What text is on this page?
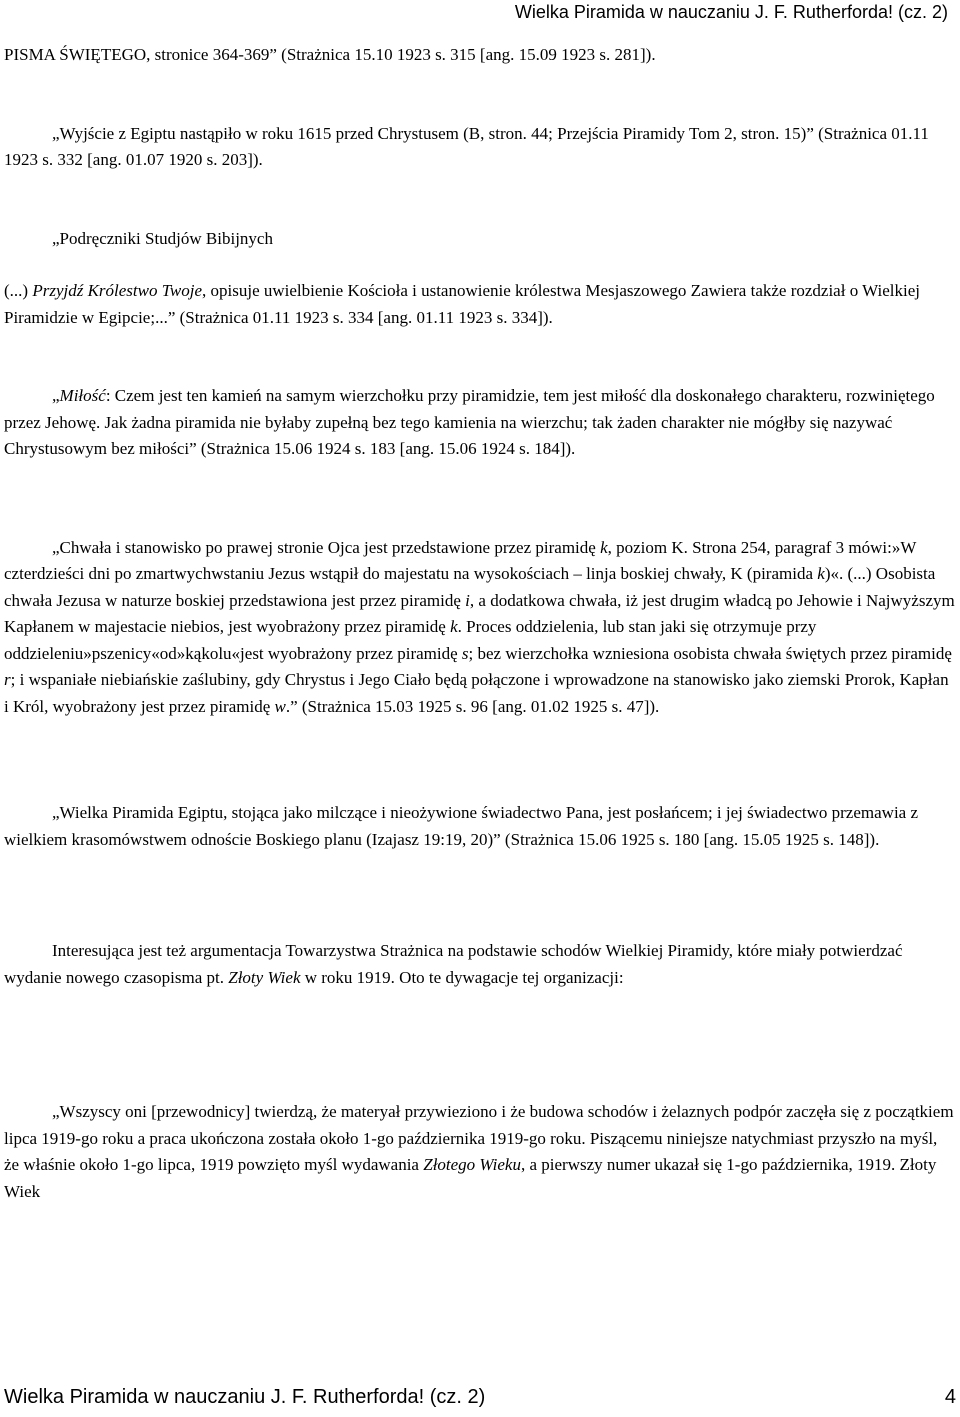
Wielka Piramida w nauczaniu J. F. Rutherforda! (cz. 2)

PISMA ŚWIĘTEGO, stronice 364-369” (Strażnica 15.10 1923 s. 315 [ang. 15.09 1923 s. 281]).

„Wyjście z Egiptu nastąpiło w roku 1615 przed Chrystusem (B, stron. 44; Przejścia Piramidy Tom 2, stron. 15)” (Strażnica 01.11 1923 s. 332 [ang. 01.07 1920 s. 203]).

„Podręczniki Studjów Bibijnych

(...) Przyjdź Królestwo Twoje, opisuje uwielbienie Kościoła i ustanowienie królestwa Mesjaszowego Zawiera także rozdział o Wielkiej Piramidzie w Egipcie;...” (Strażnica 01.11 1923 s. 334 [ang. 01.11 1923 s. 334]).

„Miłość: Czem jest ten kamień na samym wierzchołku przy piramidzie, tem jest miłość dla doskonałego charakteru, rozwiniętego przez Jehowę. Jak żadna piramida nie byłaby zupełną bez tego kamienia na wierzchu; tak żaden charakter nie mógłby się nazywać Chrystusowym bez miłości” (Strażnica 15.06 1924 s. 183 [ang. 15.06 1924 s. 184]).

„Chwała i stanowisko po prawej stronie Ojca jest przedstawione przez piramidę k, poziom K. Strona 254, paragraf 3 mówi:»W czterdzieści dni po zmartwychwstaniu Jezus wstąpił do majestatu na wysokościach – linja boskiej chwały, K (piramida k)«. (...) Osobista chwała Jezusa w naturze boskiej przedstawiona jest przez piramidę i, a dodatkowa chwała, iż jest drugim władcą po Jehowie i Najwyższym Kapłanem w majestacie niebios, jest wyobrażony przez piramidę k. Proces oddzielenia, lub stan jaki się otrzymuje przy oddzieleniu»pszenicy«od»kąkolu«jest wyobrażony przez piramidę s; bez wierzchołka wzniesiona osobista chwała świętych przez piramidę r; i wspaniałe niebiańskie zaślubiny, gdy Chrystus i Jego Ciało będą połączone i wprowadzone na stanowisko jako ziemski Prorok, Kapłan i Król, wyobrażony jest przez piramidę w.” (Strażnica 15.03 1925 s. 96 [ang. 01.02 1925 s. 47]).

„Wielka Piramida Egiptu, stojąca jako milczące i nieożywione świadectwo Pana, jest posłańcem; i jej świadectwo przemawia z wielkiem krasomówstwem odnoście Boskiego planu (Izajasz 19:19, 20)” (Strażnica 15.06 1925 s. 180 [ang. 15.05 1925 s. 148]).

Interesująca jest też argumentacja Towarzystwa Strażnica na podstawie schodów Wielkiej Piramidy, które miały potwierdzać wydanie nowego czasopisma pt. Złoty Wiek w roku 1919. Oto te dywagacje tej organizacji:

„Wszyscy oni [przewodnicy] twierdzą, że materyał przywieziono i że budowa schodów i żelaznych podpór zaczęła się z początkiem lipca 1919-go roku a praca ukończona została około 1-go października 1919-go roku. Piszącemu niniejsze natychmiast przyszło na myśl, że właśnie około 1-go lipca, 1919 powzięto myśl wydawania Złotego Wieku, a pierwszy numer ukazał się 1-go października, 1919. Złoty Wiek

Wielka Piramida w nauczaniu J. F. Rutherforda! (cz. 2)	4
